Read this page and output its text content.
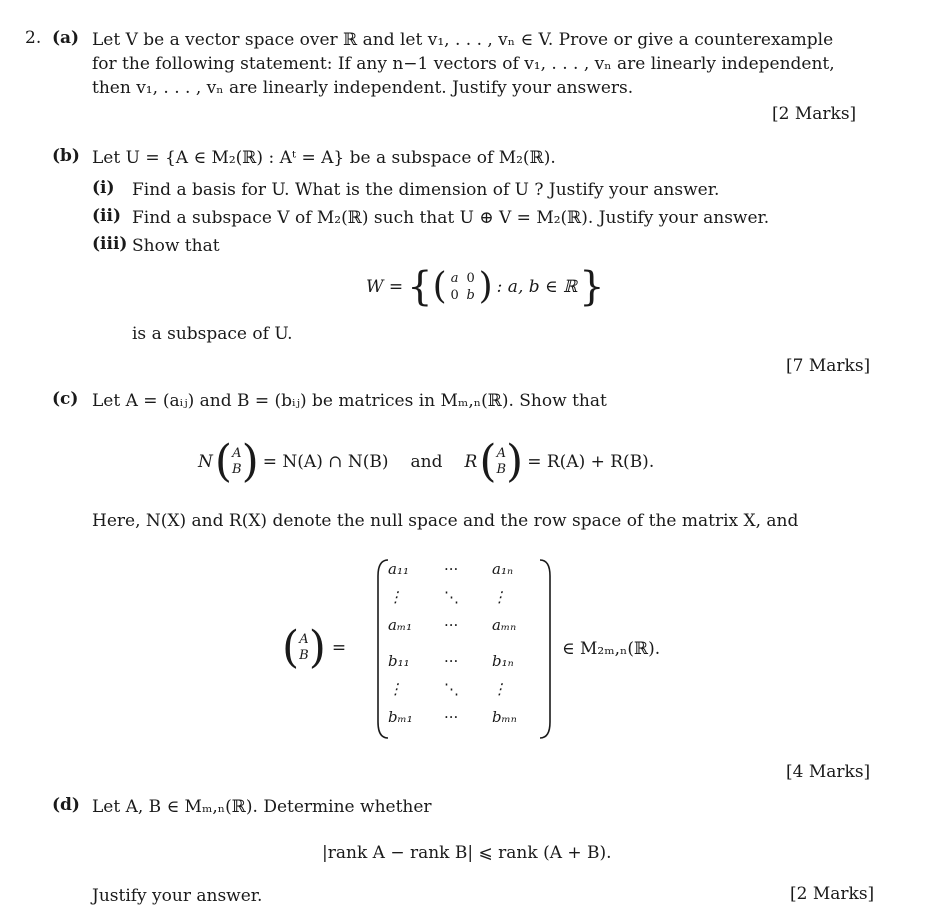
2. (a) Let V be a vector space over ℝ and let v₁, . . . , vₙ ∈ V. Prove or give a counterexample
for the following statement: If any n−1 vectors of v₁, . . . , vₙ are linearly independent,
then v₁, . . . , vₙ are linearly independent. Justify your answers.
[2 Marks]
(b) Let U = {A ∈ M₂(ℝ) : Aᵗ = A} be a subspace of M₂(ℝ).
(i) Find a basis for U. What is the dimension of U ? Justify your answer.
(ii) Find a subspace V of M₂(ℝ) such that U ⊕ V = M₂(ℝ). Justify your answer.
(iii) Show that
W = { ( a 0
0 b ) : a, b ∈ ℝ }
is a subspace of U.
[7 Marks]
(c) Let A = (aᵢⱼ) and B = (bᵢⱼ) be matrices in Mₘ,ₙ(ℝ). Show that
N ( A
B ) = N(A) ∩ N(B) and R ( A
B ) = R(A) + R(B).
Here, N(X) and R(X) denote the null space and the row space of the matrix X, and
( A
B ) =
a₁₁ ··· a₁ₙ
⋮	⋱ ⋮
aₘ₁ ··· aₘₙ
b₁₁ ··· b₁ₙ
⋮	⋱ ⋮
bₘ₁ ··· bₘₙ
∈ M₂ₘ,ₙ(ℝ).
[4 Marks]
(d) Let A, B ∈ Mₘ,ₙ(ℝ). Determine whether
|rank A − rank B| ⩽ rank (A + B).
Justify your answer.	[2 Marks]
